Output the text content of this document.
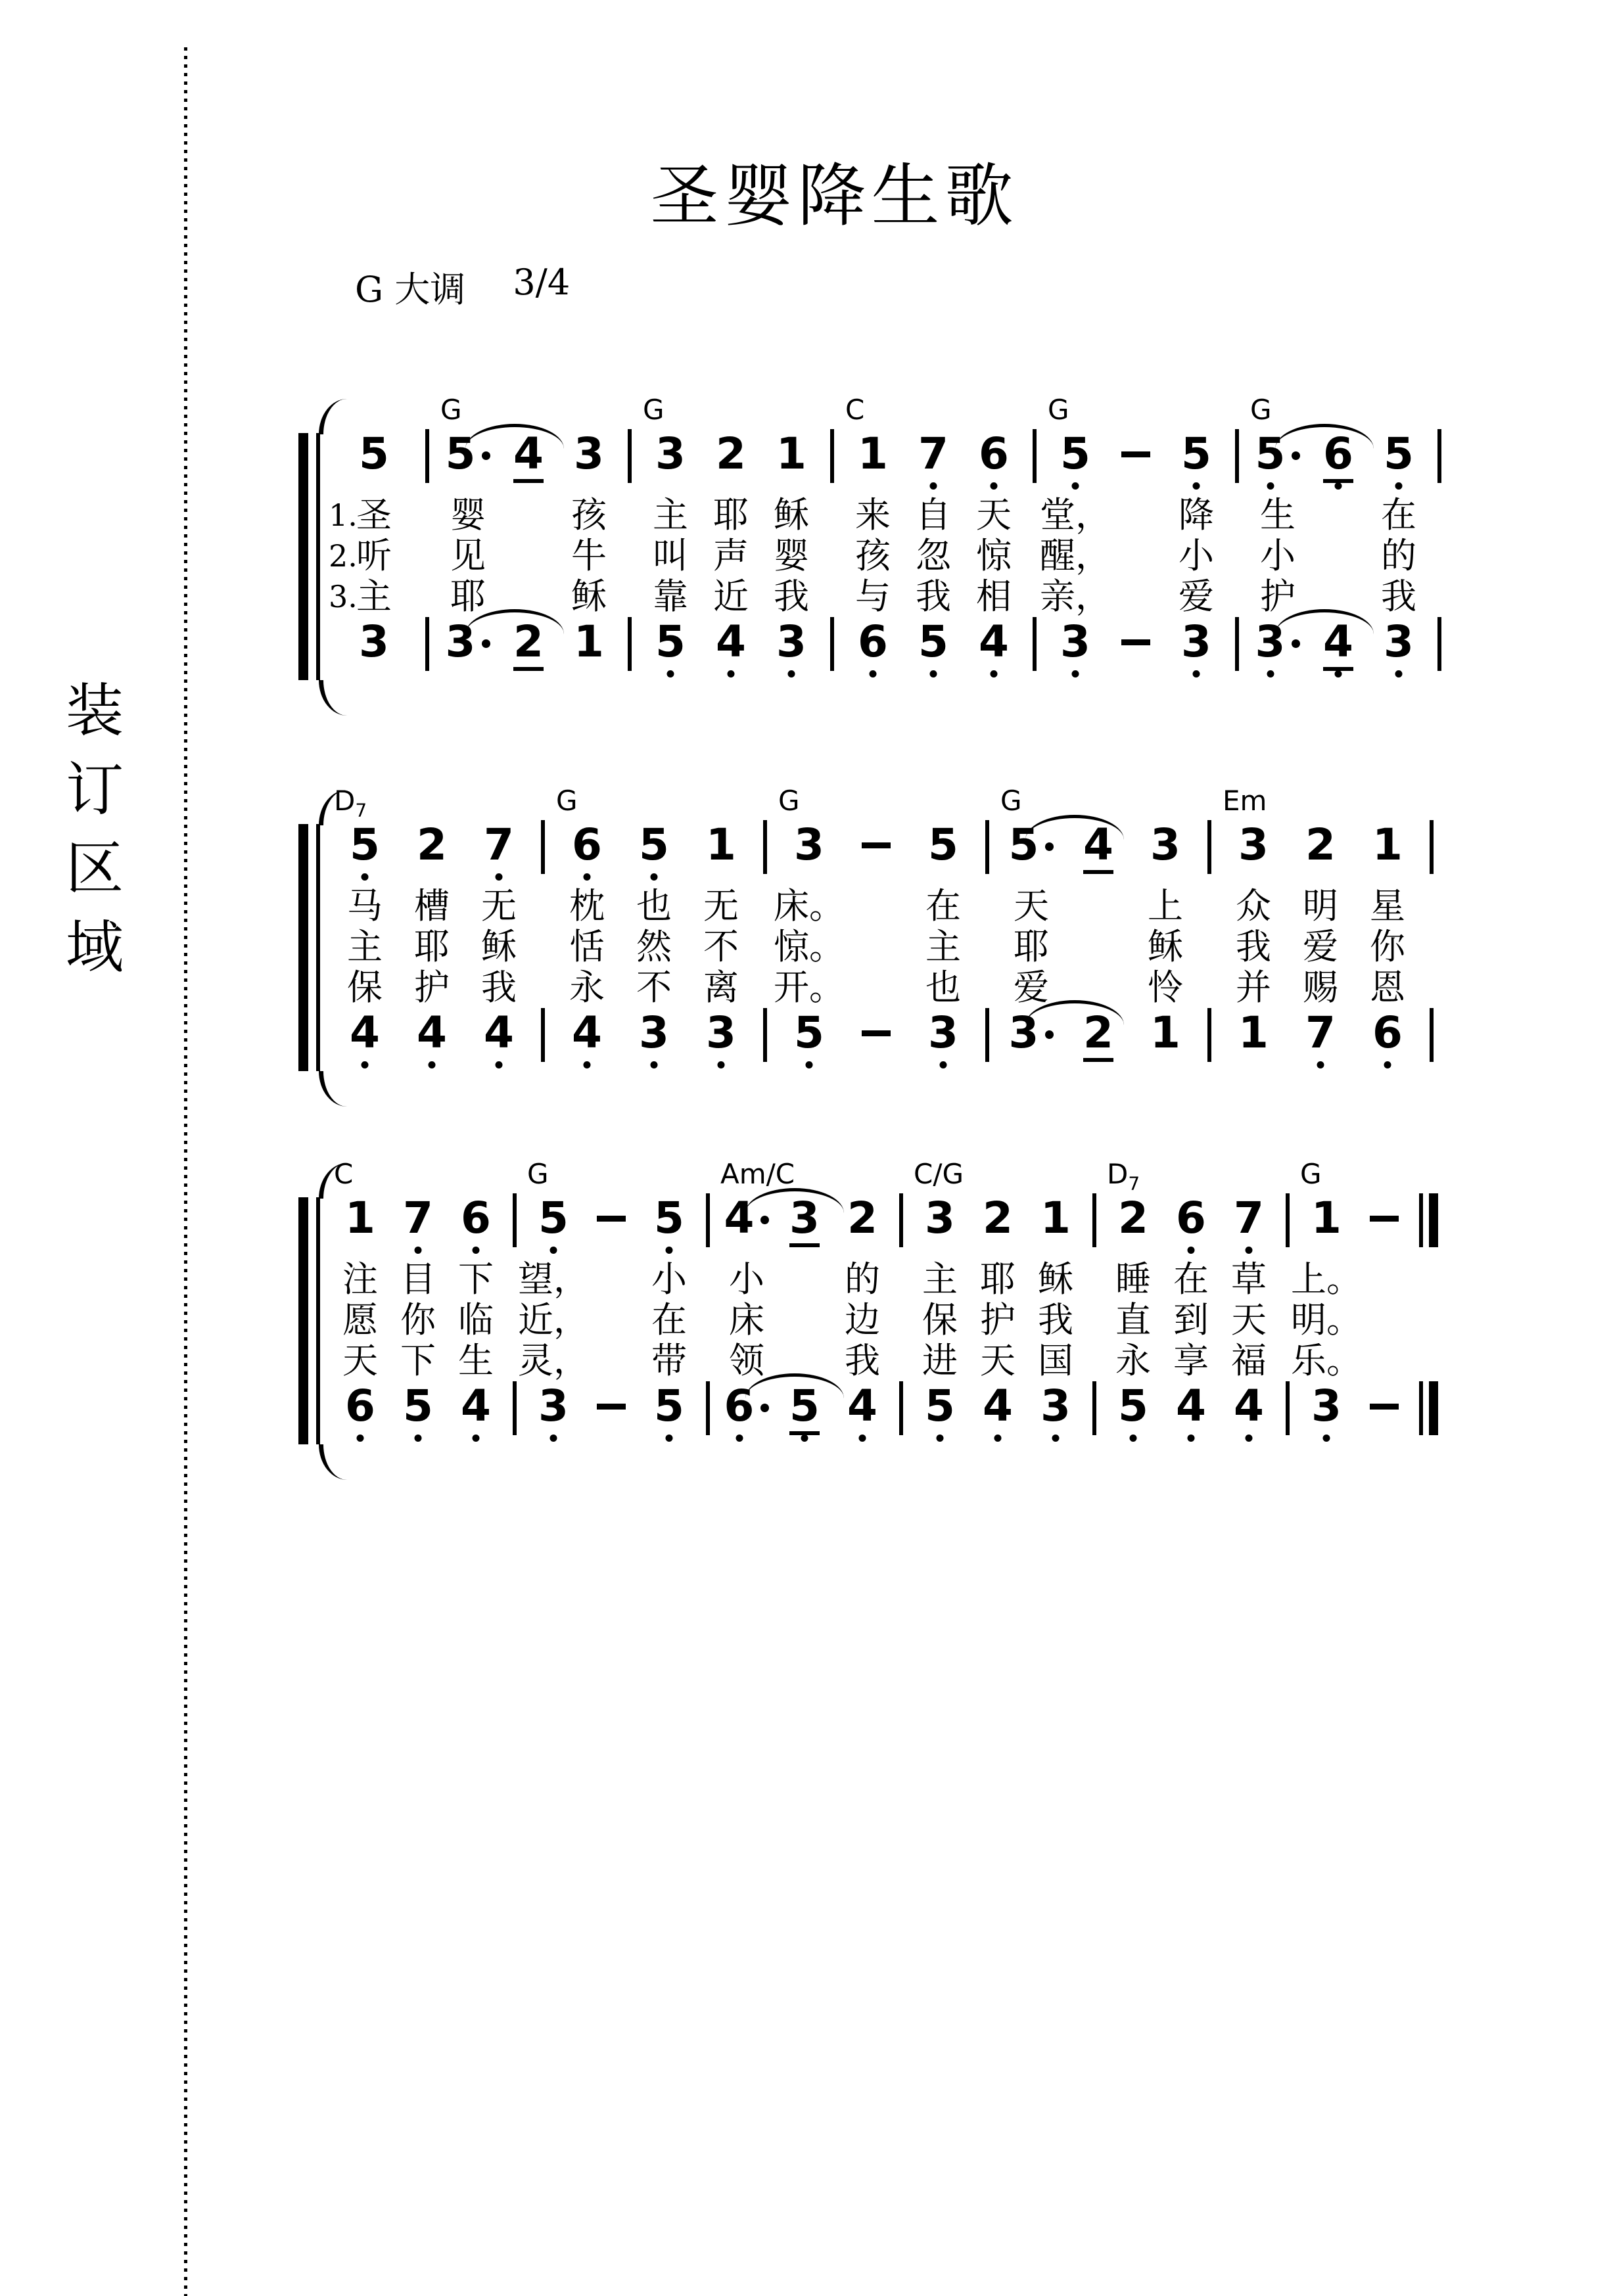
装
订
区
域
圣婴降生歌
G 大调 3/4
5
1.
圣
2.
听
3.
主
3
5
G
婴
见
耶
3
4
2
3
孩
牛
稣
1
3
G
主
叫
靠
5
2
耶
声
近
4
1
稣
婴
我
3
1
C
来
孩
与
6
7
自
忽
我
5
6
天
惊
相
4
5
G
堂，
醒，
亲，
3
5
降
小
爱
3
5
G
生
小
护
3
6
4
5
在
的
我
3
5
$D_7$
马
主
保
4
2
槽
耶
护
4
7
无
稣
我
4
6
G
枕
恬
永
4
5
也
然
不
3
1
无
不
离
3
3
G
床。
惊。
开。
5
5
在
主
也
3
5
G
天
耶
爱
3
4
2
3
上
稣
怜
1
3
Em
众
我
并
1
2
明
爱
赐
7
1
星
你
恩
6
1
C
注
愿
天
6
7
目
你
下
5
6
下
临
生
4
5
G
望，
近，
灵，
3
5
小
在
带
5
4
Am/C
小
床
领
6
3
5
2
的
边
我
4
3
C/G
主
保
进
5
2
耶
护
天
4
1
稣
我
国
3
2
$D_7$
睡
直
永
5
6
在
到
享
4
7
草
天
福
4
1
G
上。
明。
乐。
3
